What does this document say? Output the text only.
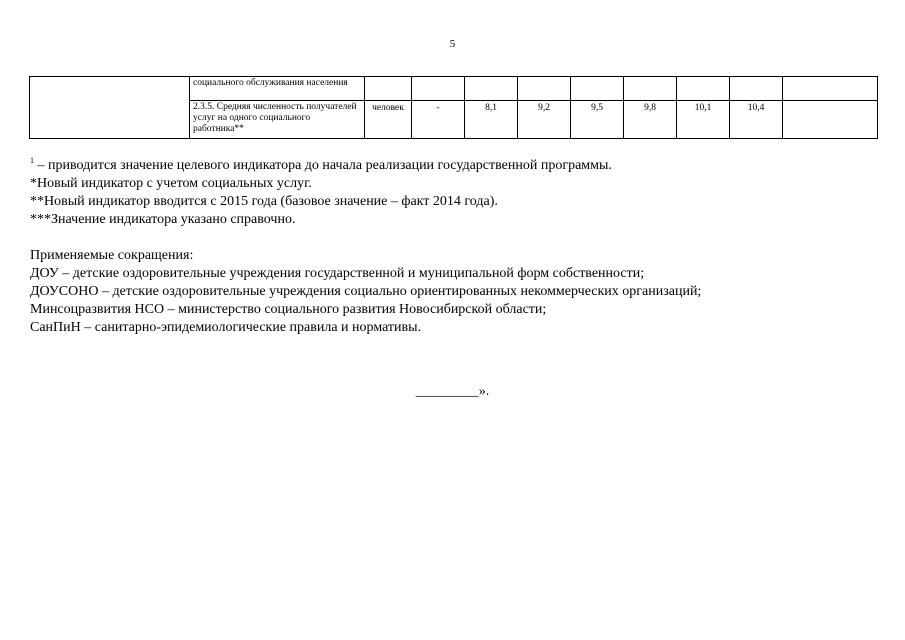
5
	социального обслуживания населения									
	2.3.5. Средняя численность получателей услуг на одного социального работника**	человек	-	8,1	9,2	9,5	9,8	10,1	10,4	

$^1$ – приводится значение целевого индикатора до начала реализации государственной программы.

*Новый индикатор с учетом социальных услуг.

**Новый индикатор вводится с 2015 года (базовое значение – факт 2014 года).

***Значение индикатора указано справочно.

Применяемые сокращения:

ДОУ – детские оздоровительные учреждения государственной и муниципальной форм собственности;

ДОУСОНО – детские оздоровительные учреждения социально ориентированных некоммерческих организаций;

Минсоцразвития НСО – министерство социального развития Новосибирской области;

СанПиН – санитарно-эпидемиологические правила и нормативы.

_________».
